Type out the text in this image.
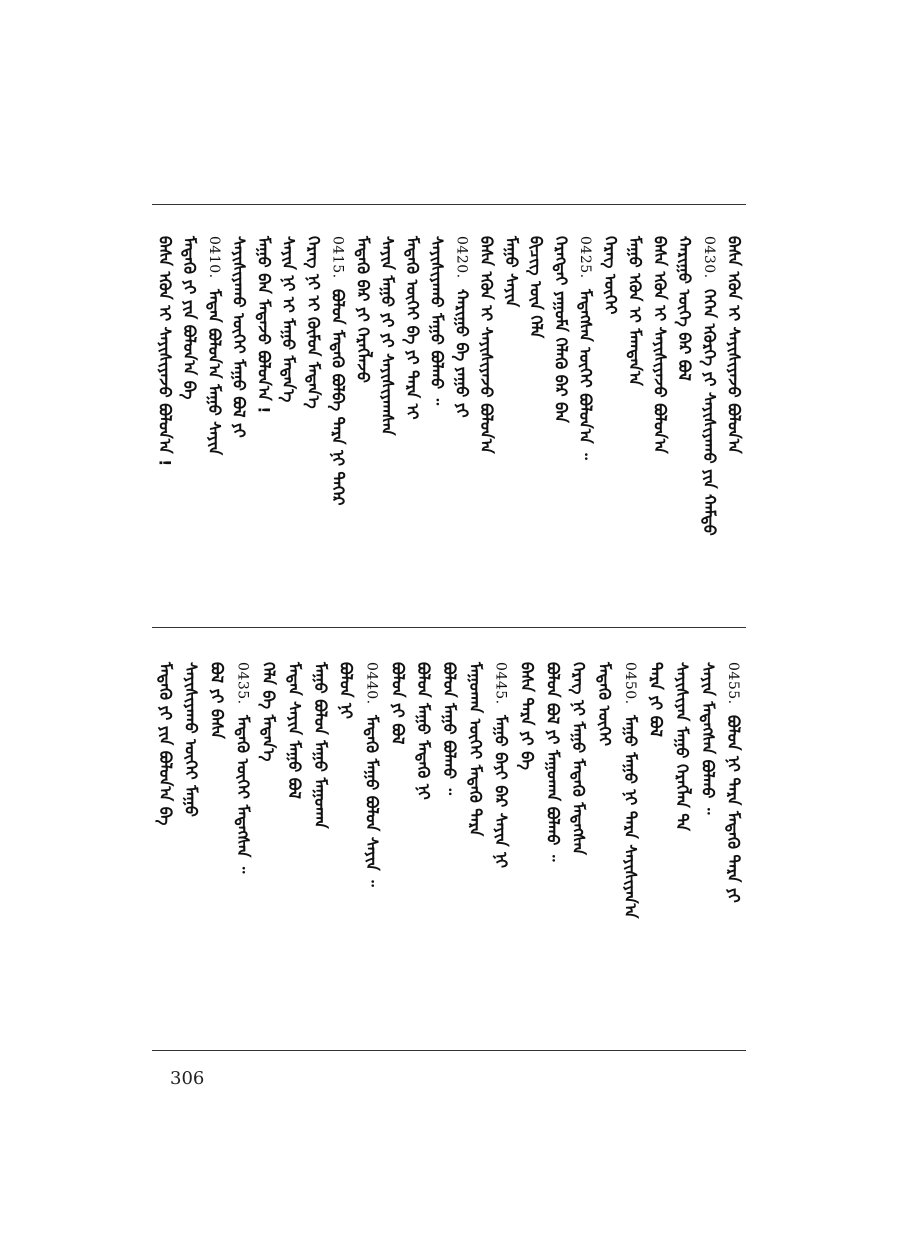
ᠪᠠᠰᠠ ᠡᠭᠦᠨ ᠢ ᠰᠠᠶᠢᠰᠢᠶᠠᠵᠤ ᠪᠣᠯᠤᠨ᠎ᠠ
0430.ᠭᠡᠭᠡᠨ ᠡᠭᠦᠷᠭᠡ ᠶᠢ ᠰᠠᠶᠢᠰᠢᠶᠠᠬᠤ ᠶᠢᠨ ᠬᠠᠮᠲᠤ
ᠬᠠᠷᠢᠭᠤ ᠦᠭᠡ ᠪᠡᠷ ᠪᠣᠯ
ᠪᠠᠰᠠ ᠡᠭᠦᠨ ᠢ ᠰᠠᠶᠢᠰᠢᠶᠠᠵᠤ ᠪᠣᠯᠤᠨ᠎ᠠ
ᠮᠠᠭᠤ ᠡᠭᠦᠨ ᠢ ᠮᠠᠭᠲᠠᠨ᠎ᠠ
ᠬᠡᠷᠡᠭ ᠦᠭᠡᠢ
0425.ᠮᠡᠳᠡᠭᠰᠡᠨ ᠦᠭᠡᠢ ᠪᠣᠯᠤᠨ᠎ᠠ ᠃
ᠬᠡᠷᠡᠭᠲᠡᠢ ᠶᠠᠭᠤᠮᠠ ᠬᠡᠯᠡᠬᠦ ᠪᠡᠷ ᠪᠠᠨ
ᠪᠢᠴᠢᠭ ᠦᠨ ᠬᠡᠯᠡ
ᠮᠠᠭᠤ ᠰᠠᠶᠢᠨ
ᠪᠠᠰᠠ ᠡᠭᠦᠨ ᠢ ᠰᠠᠶᠢᠰᠢᠶᠠᠵᠤ ᠪᠣᠯᠤᠨ᠎ᠠ
0420.ᠬᠠᠷᠢᠭᠤ ᠪᠠ ᠶᠠᠭᠤ ᠶᠢ
ᠰᠠᠶᠢᠰᠢᠶᠠᠬᠤ ᠮᠠᠭᠤ ᠪᠣᠯᠬᠤ ᠃
ᠮᠡᠳᠡᠬᠦ ᠦᠭᠡᠢ ᠪᠠ ᠶᠢ ᠲᠡᠷᠡ ᠢ
ᠰᠠᠶᠢᠨ ᠮᠠᠭᠤ ᠶᠢ ᠶᠢ ᠰᠠᠶᠢᠰᠢᠶᠠᠭᠰᠠᠨ
ᠮᠡᠳᠡᠬᠦ ᠪᠡᠷ ᠶᠢ ᠬᠡᠷᠡᠭᠯᠡᠵᠦ
0415.ᠪᠣᠯᠤᠨ ᠮᠡᠳᠡᠬᠦ ᠪᠣᠯᠪᠠ ᠲᠡᠷᠡ ᠨᠢ ᠳᠡᠭᠡᠷ
ᠬᠡᠷᠡᠭ ᠨᠢ ᠢ ᠬᠦᠮᠦᠨ ᠮᠡᠳᠡᠨ᠎ᠡ
ᠰᠠᠶᠢᠨ ᠨᠢ ᠢ ᠮᠠᠭᠤ ᠮᠡᠳᠡᠨ᠎ᠡ
ᠮᠠᠭᠤ ᠪᠠᠨ ᠮᠡᠳᠡᠵᠦ ᠪᠣᠯᠤᠨ᠎ᠠ !
ᠰᠠᠶᠢᠰᠢᠶᠠᠬᠤ ᠦᠭᠡᠢ ᠮᠠᠭᠤ ᠪᠣᠯ ᠶᠢ
0410.ᠮᠡᠳᠡᠨ ᠪᠣᠯᠤᠨ᠎ᠠ ᠮᠠᠭᠤ ᠰᠠᠶᠢᠨ
ᠮᠡᠳᠡᠬᠦ ᠶᠢ ᠶᠢᠨ ᠪᠣᠯᠤᠨ᠎ᠠ ᠪᠠ
ᠪᠠᠰᠠ ᠡᠭᠦᠨ ᠢ ᠰᠠᠶᠢᠰᠢᠶᠠᠵᠤ ᠪᠣᠯᠤᠨ᠎ᠠ !
0455.ᠪᠣᠯᠤᠨ ᠨᠢ ᠲᠡᠷᠡ ᠮᠡᠳᠡᠬᠦ ᠲᠡᠷᠡ ᠶᠢ
ᠰᠠᠶᠢᠨ ᠮᠡᠳᠡᠭᠰᠡᠨ ᠪᠣᠯᠬᠤ ᠃
ᠰᠠᠶᠢᠰᠢᠶᠠᠨ ᠮᠠᠭᠤ ᠬᠡᠷᠡᠭᠯᠡᠨ ᠲᠠ
ᠲᠡᠷᠡ ᠶᠢ ᠪᠣᠯ
0450.ᠮᠠᠭᠤ ᠮᠠᠭᠤ ᠨᠢ ᠲᠡᠷᠡ ᠰᠠᠶᠢᠰᠢᠶᠠᠨ᠎ᠠ
ᠮᠡᠳᠡᠬᠦ ᠦᠭᠡᠢ
ᠬᠡᠷᠡᠭ ᠨᠢ ᠮᠠᠭᠤ ᠮᠡᠳᠡᠬᠦ ᠮᠡᠳᠡᠭᠰᠡᠨ
ᠪᠣᠯᠤᠨ ᠪᠣᠯ ᠶᠢ ᠮᠠᠭᠤᠬᠠᠨ ᠪᠣᠯᠬᠤ ᠃
ᠪᠠᠰᠠ ᠲᠡᠷᠡ ᠶᠢ ᠪᠠ
0445.ᠮᠠᠭᠤ ᠪᠠᠶᠢ ᠪᠡᠷ ᠰᠠᠶᠢᠨ ᠨᠢ
ᠮᠠᠭᠤᠬᠠᠨ ᠦᠭᠡᠢ ᠮᠡᠳᠡᠬᠦ ᠲᠡᠷᠡ
ᠪᠣᠯᠤᠨ ᠮᠠᠭᠤ ᠪᠣᠯᠬᠤ ᠃
ᠪᠣᠯᠤᠨ ᠮᠠᠭᠤ ᠮᠡᠳᠡᠬᠦ ᠨᠢ
ᠪᠣᠯᠤᠨ ᠶᠢ ᠪᠣᠯ
0440.ᠮᠡᠳᠡᠬᠦ ᠮᠠᠭᠤ ᠪᠣᠯᠤᠨ ᠰᠠᠶᠢᠨ ᠃
ᠪᠣᠯᠤᠨ ᠨᠢ
ᠮᠠᠭᠤ ᠪᠣᠯᠤᠨ ᠮᠠᠭᠤ ᠮᠠᠭᠤᠬᠠᠨ
ᠮᠡᠳᠡᠨ ᠰᠠᠶᠢᠨ ᠮᠠᠭᠤ ᠪᠣᠯ
ᠬᠡᠯᠡ ᠪᠠ ᠮᠡᠳᠡᠨ᠎ᠡ
0435.ᠮᠡᠳᠡᠬᠦ ᠦᠭᠡᠢ ᠮᠡᠳᠡᠭᠰᠡᠨ ᠃
ᠪᠣᠯ ᠶᠢ ᠪᠠᠰᠠ
ᠰᠠᠶᠢᠰᠢᠶᠠᠬᠤ ᠦᠭᠡᠢ ᠮᠠᠭᠤ
ᠮᠡᠳᠡᠬᠦ ᠶᠢ ᠶᠢᠨ ᠪᠣᠯᠤᠨ᠎ᠠ ᠪᠠ
306
